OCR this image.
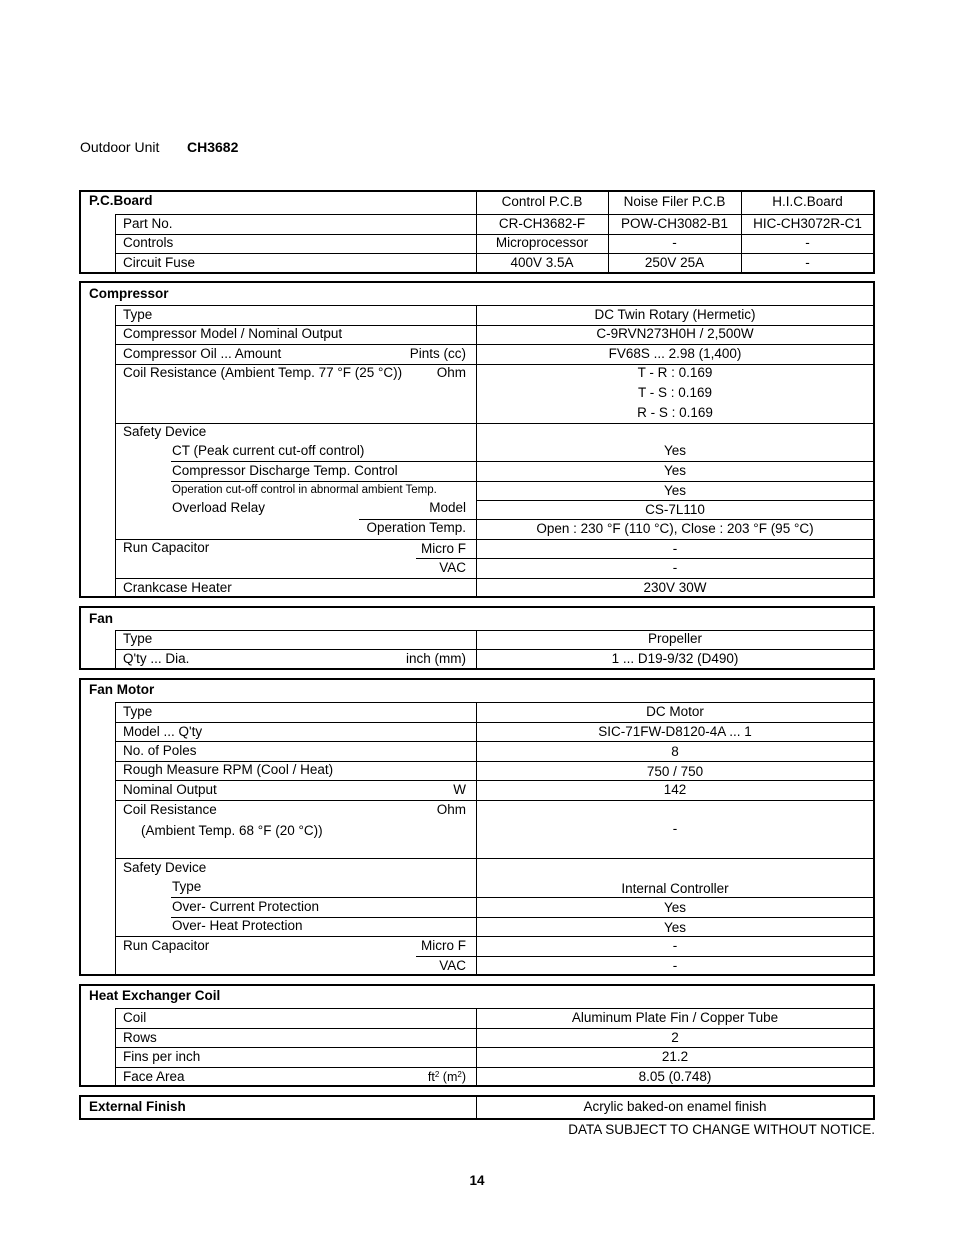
Outdoor Unit CH3682
P.C.Board	Control P.C.B	Noise Filer P.C.B	H.I.C.Board
Part No.	CR-CH3682-F	POW-CH3082-B1	HIC-CH3072R-C1
Controls	Microprocessor	-	-
Circuit Fuse	400V 3.5A	250V 25A	-
Compressor
Type	DC Twin Rotary (Hermetic)
Compressor Model / Nominal Output	C-9RVN273H0H / 2,500W
Compressor Oil ... Amount	Pints (cc)	FV68S ... 2.98 (1,400)
Coil Resistance (Ambient Temp. 77 °F (25 °C))	Ohm	T - R : 0.169
T - S : 0.169
R - S : 0.169
Safety Device
CT (Peak current cut-off control)	Yes
Compressor Discharge Temp. Control	Yes
Operation cut-off control in abnormal ambient Temp.	Yes
Overload Relay	Model	CS-7L110
Operation Temp.	Open : 230 °F (110 °C), Close : 203 °F (95 °C)
Run Capacitor	Micro F	-
VAC	-
Crankcase Heater	230V 30W
Fan
Type	Propeller
Q'ty ... Dia.	inch (mm)	1 ... D19-9/32 (D490)
Fan Motor
Type	DC Motor
Model ... Q'ty	SIC-71FW-D8120-4A ... 1
No. of Poles	8
Rough Measure RPM (Cool / Heat)	750 / 750
Nominal Output	W	142
Coil Resistance	Ohm
(Ambient Temp. 68 °F (20 °C))	-
Safety Device
Type	Internal Controller
Over- Current Protection	Yes
Over- Heat Protection	Yes
Run Capacitor	Micro F	-
VAC	-
Heat Exchanger Coil
Coil	Aluminum Plate Fin / Copper Tube
Rows	2
Fins per inch	21.2
Face Area	$ft^2$ $(m^2)$	8.05 (0.748)
External Finish	Acrylic baked-on enamel finish
DATA SUBJECT TO CHANGE WITHOUT NOTICE.
14
